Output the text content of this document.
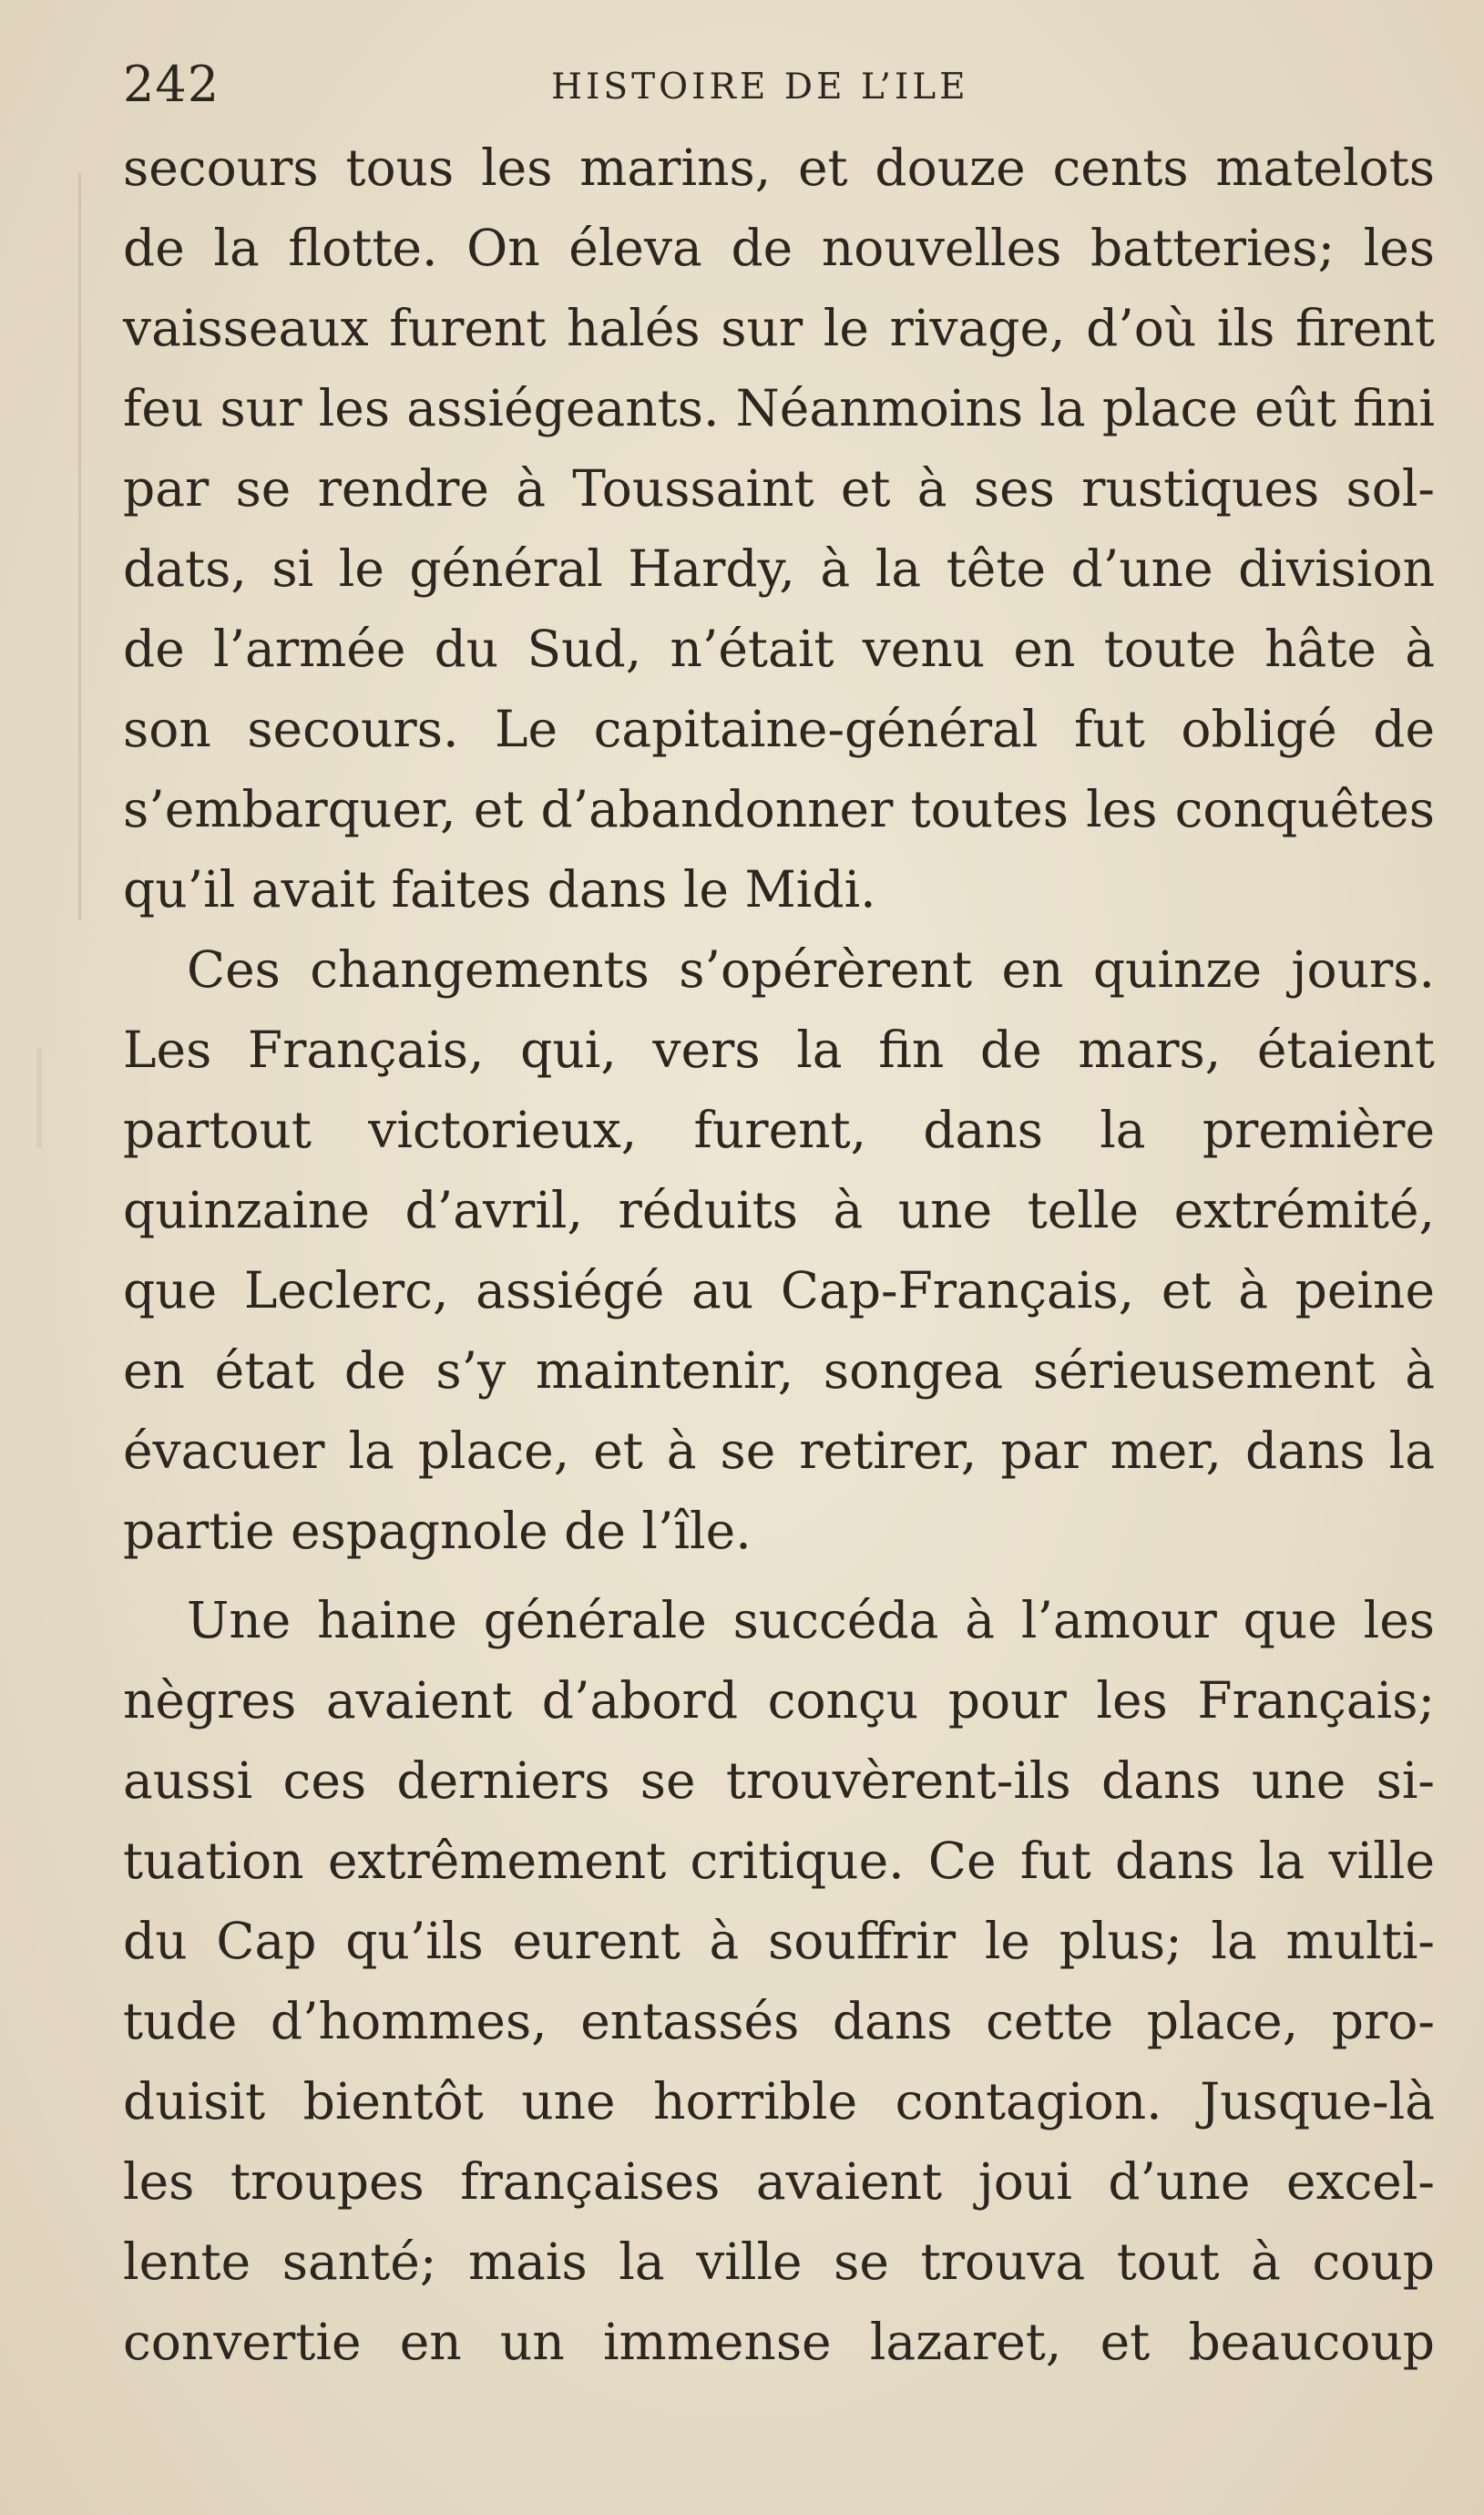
242	HISTOIRE DE L’ILE
secours tous les marins, et douze cents matelots
de la flotte. On éleva de nouvelles batteries; les
vaisseaux furent halés sur le rivage, d’où ils firent
feu sur les assiégeants. Néanmoins la place eût fini
par se rendre à Toussaint et à ses rustiques sol-
dats, si le général Hardy, à la tête d’une division
de l’armée du Sud, n’était venu en toute hâte à
son secours. Le capitaine-général fut obligé de
s’embarquer, et d’abandonner toutes les conquêtes
qu’il avait faites dans le Midi.
Ces changements s’opérèrent en quinze jours.
Les Français, qui, vers la fin de mars, étaient
partout victorieux, furent, dans la première
quinzaine d’avril, réduits à une telle extrémité,
que Leclerc, assiégé au Cap-Français, et à peine
en état de s’y maintenir, songea sérieusement à
évacuer la place, et à se retirer, par mer, dans la
partie espagnole de l’île.
Une haine générale succéda à l’amour que les
nègres avaient d’abord conçu pour les Français;
aussi ces derniers se trouvèrent-ils dans une si-
tuation extrêmement critique. Ce fut dans la ville
du Cap qu’ils eurent à souffrir le plus; la multi-
tude d’hommes, entassés dans cette place, pro-
duisit bientôt une horrible contagion. Jusque-là
les troupes françaises avaient joui d’une excel-
lente santé; mais la ville se trouva tout à coup
convertie en un immense lazaret, et beaucoup
